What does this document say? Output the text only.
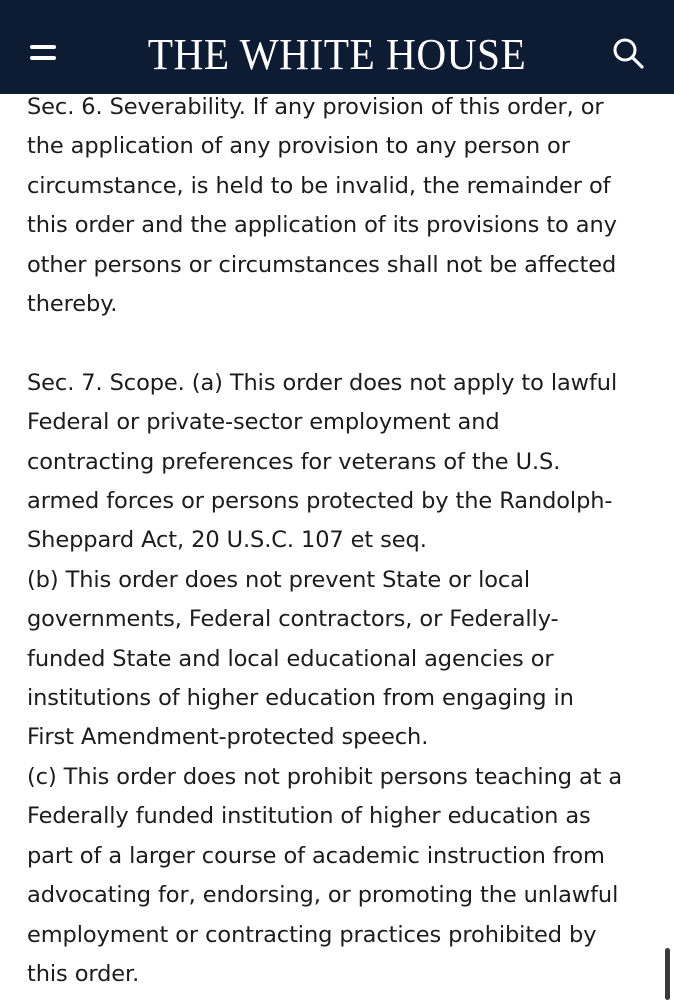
THE WHITE HOUSE

Sec. 6. Severability. If any provision of this order, or
the application of any provision to any person or
circumstance, is held to be invalid, the remainder of
this order and the application of its provisions to any
other persons or circumstances shall not be affected
thereby.

Sec. 7. Scope. (a) This order does not apply to lawful
Federal or private-sector employment and
contracting preferences for veterans of the U.S.
armed forces or persons protected by the Randolph-
Sheppard Act, 20 U.S.C. 107 et seq.

(b) This order does not prevent State or local
governments, Federal contractors, or Federally-
funded State and local educational agencies or
institutions of higher education from engaging in
First Amendment-protected speech.

(c) This order does not prohibit persons teaching at a
Federally funded institution of higher education as
part of a larger course of academic instruction from
advocating for, endorsing, or promoting the unlawful
employment or contracting practices prohibited by
this order.
